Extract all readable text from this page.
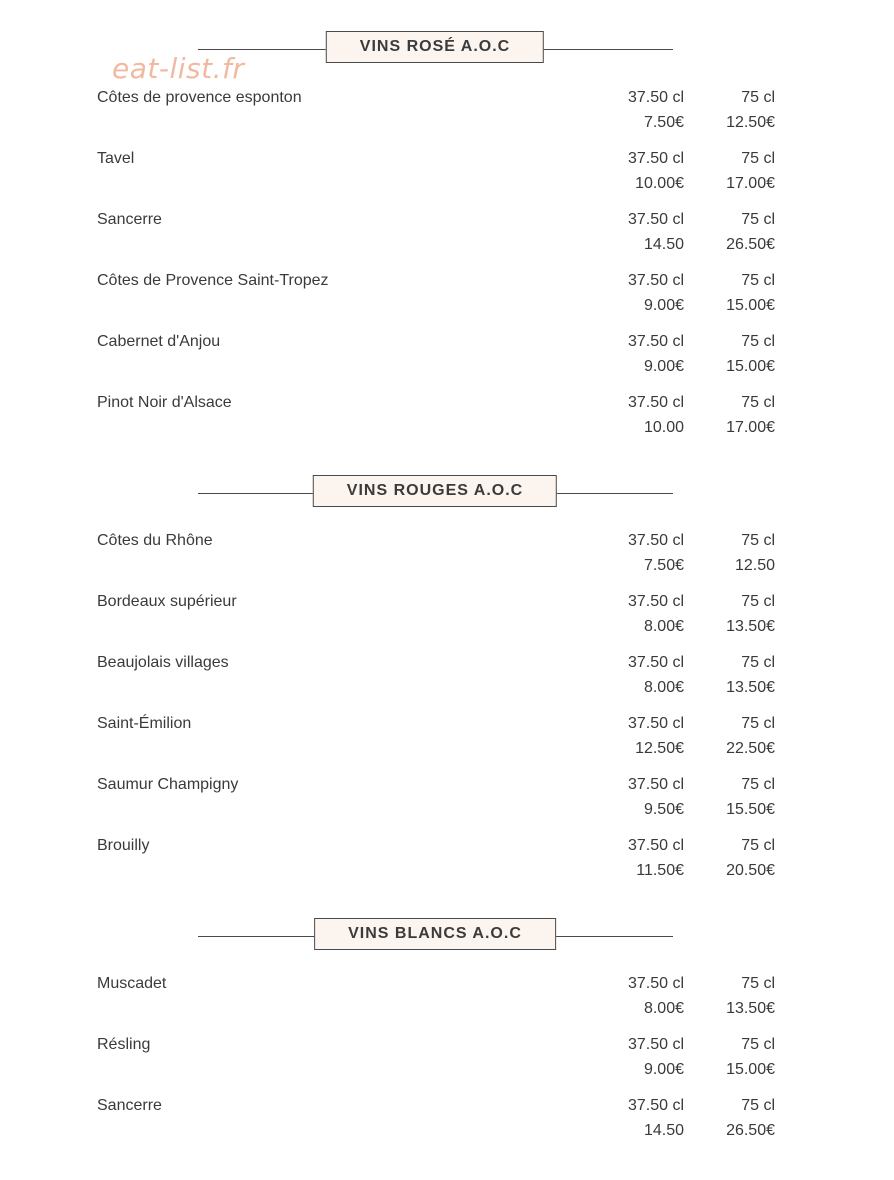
eat-list.fr
VINS ROSÉ A.O.C
Côtes de provence esponton	37.50 cl	75 cl
7.50€	12.50€
Tavel	37.50 cl	75 cl
10.00€	17.00€
Sancerre	37.50 cl	75 cl
14.50	26.50€
Côtes de Provence Saint-Tropez	37.50 cl	75 cl
9.00€	15.00€
Cabernet d'Anjou	37.50 cl	75 cl
9.00€	15.00€
Pinot Noir d'Alsace	37.50 cl	75 cl
10.00	17.00€
VINS ROUGES A.O.C
Côtes du Rhône	37.50 cl	75 cl
7.50€	12.50
Bordeaux supérieur	37.50 cl	75 cl
8.00€	13.50€
Beaujolais villages	37.50 cl	75 cl
8.00€	13.50€
Saint-Émilion	37.50 cl	75 cl
12.50€	22.50€
Saumur Champigny	37.50 cl	75 cl
9.50€	15.50€
Brouilly	37.50 cl	75 cl
11.50€	20.50€
VINS BLANCS A.O.C
Muscadet	37.50 cl	75 cl
8.00€	13.50€
Résling	37.50 cl	75 cl
9.00€	15.00€
Sancerre	37.50 cl	75 cl
14.50	26.50€
